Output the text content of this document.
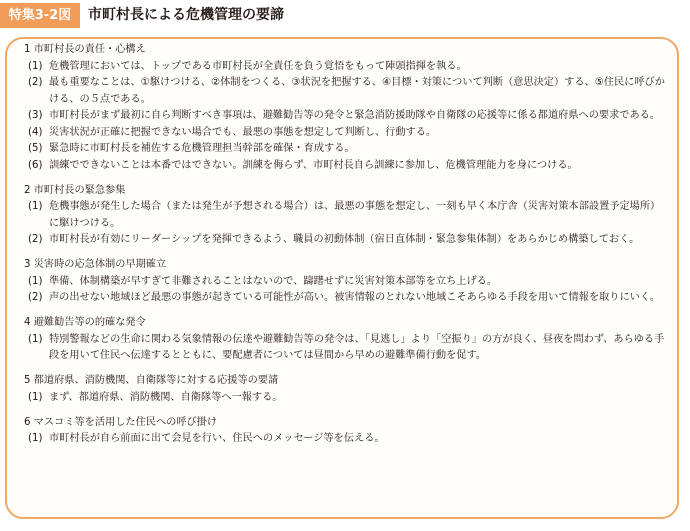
特集3-2図	市町村長による危機管理の要諦

1 市町村長の責任・心構え

(1) 危機管理においては、トップである市町村長が全責任を負う覚悟をもって陣頭指揮を執る。
(2) 最も重要なことは、①駆けつける、②体制をつくる、③状況を把握する、④目標・対策について判断（意思決定）する、⑤住民に呼びかける、の５点である。
(3) 市町村長がまず最初に自ら判断すべき事項は、避難勧告等の発令と緊急消防援助隊や自衛隊の応援等に係る都道府県への要求である。
(4) 災害状況が正確に把握できない場合でも、最悪の事態を想定して判断し、行動する。
(5) 緊急時に市町村長を補佐する危機管理担当幹部を確保・育成する。
(6) 訓練でできないことは本番ではできない。訓練を侮らず、市町村長自ら訓練に参加し、危機管理能力を身につける。

2 市町村長の緊急参集

(1) 危機事態が発生した場合（または発生が予想される場合）は、最悪の事態を想定し、一刻も早く本庁舎（災害対策本部設置予定場所）に駆けつける。
(2) 市町村長が有効にリーダーシップを発揮できるよう、職員の初動体制（宿日直体制・緊急参集体制）をあらかじめ構築しておく。

3 災害時の応急体制の早期確立

(1) 準備、体制構築が早すぎて非難されることはないので、躊躇せずに災害対策本部等を立ち上げる。
(2) 声の出せない地域ほど最悪の事態が起きている可能性が高い。被害情報のとれない地域こそあらゆる手段を用いて情報を取りにいく。

4 避難勧告等の的確な発令

(1) 特別警報などの生命に関わる気象情報の伝達や避難勧告等の発令は、「見逃し」より「空振り」の方が良く、昼夜を問わず、あらゆる手段を用いて住民へ伝達するとともに、要配慮者については昼間から早めの避難準備行動を促す。

5 都道府県、消防機関、自衛隊等に対する応援等の要請

(1) まず、都道府県、消防機関、自衛隊等へ一報する。

6 マスコミ等を活用した住民への呼び掛け

(1) 市町村長が自ら前面に出て会見を行い、住民へのメッセージ等を伝える。
